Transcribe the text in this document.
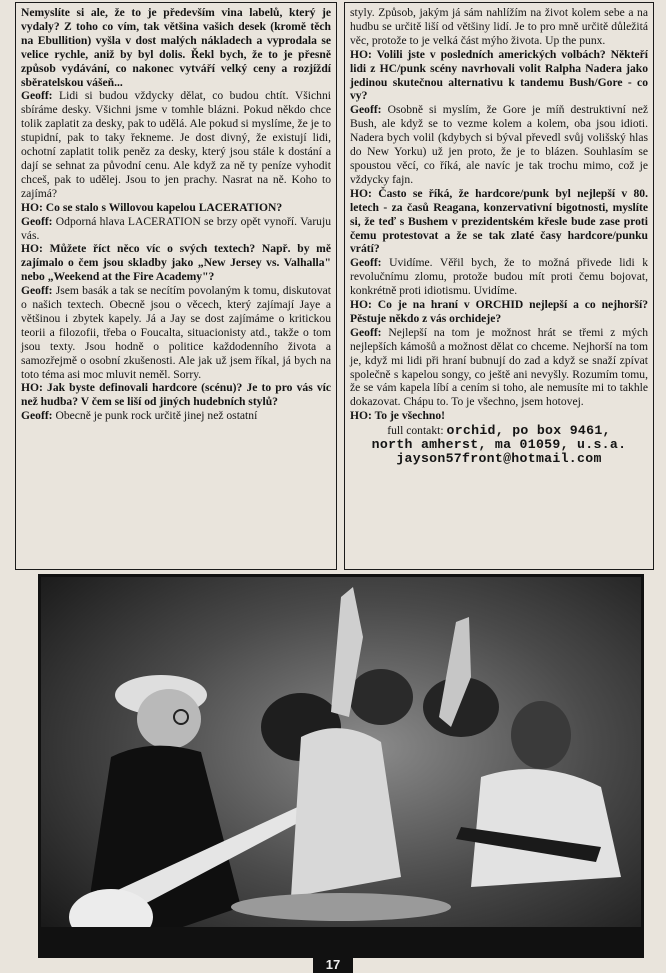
Nemyslíte si ale, že to je především vina labelů, který je vydaly? Z toho co vím, tak většina vašich desek (kromě těch na Ebullition) vyšla v dost malých nákladech a vyprodala se velice rychle, aniž by byl dolis. Řekl bych, že to je přesně způsob vydávání, co nakonec vytváří velký ceny a rozjíždí sběratelskou vášeň...

Geoff: Lidi si budou vždycky dělat, co budou chtít. Všichni sbíráme desky. Všichni jsme v tomhle blázni. Pokud někdo chce tolik zaplatit za desky, pak to udělá. Ale pokud si myslíme, že je to stupidní, pak to taky řekneme. Je dost divný, že existují lidi, ochotní zaplatit tolik peněz za desky, který jsou stále k dostání a dají se sehnat za původní cenu. Ale když za ně ty peníze vyhodit chceš, pak to udělej. Jsou to jen prachy. Nasrat na ně. Koho to zajímá?

HO: Co se stalo s Willovou kapelou LACERATION?

Geoff: Odporná hlava LACERATION se brzy opět vynoří. Varuju vás.

HO: Můžete říct něco víc o svých textech? Např. by mě zajímalo o čem jsou skladby jako „New Jersey vs. Valhalla" nebo „Weekend at the Fire Academy"?

Geoff: Jsem basák a tak se necítím povolaným k tomu, diskutovat o našich textech. Obecně jsou o věcech, který zajímají Jaye a většinou i zbytek kapely. Já a Jay se dost zajímáme o kritickou teorii a filozofii, třeba o Foucalta, situacionisty atd., takže o tom jsou texty. Jsou hodně o politice každodenního života a samozřejmě o osobní zkušenosti. Ale jak už jsem říkal, já bych na toto téma asi moc mluvit neměl. Sorry.

HO: Jak byste definovali hardcore (scénu)? Je to pro vás víc než hudba? V čem se liší od jiných hudebních stylů?

Geoff: Obecně je punk rock určitě jinej než ostatní

styly. Způsob, jakým já sám nahlížím na život kolem sebe a na hudbu se určitě liší od většiny lidí. Je to pro mně určitě důležitá věc, protože to je velká část mýho života. Up the punx.

HO: Volili jste v posledních amerických volbách? Někteří lidi z HC/punk scény navrhovali volit Ralpha Nadera jako jedinou skutečnou alternativu k tandemu Bush/Gore - co vy?

Geoff: Osobně si myslím, že Gore je míň destruktivní než Bush, ale když se to vezme kolem a kolem, oba jsou idioti. Nadera bych volil (kdybych si býval převedl svůj volišský hlas do New Yorku) už jen proto, že je to blázen. Souhlasím se spoustou věcí, co říká, ale navíc je tak trochu mimo, což je vždycky fajn.

HO: Často se říká, že hardcore/punk byl nejlepší v 80. letech - za časů Reagana, konzervativní bigotnosti, myslíte si, že teď s Bushem v prezidentském křesle bude zase proti čemu protestovat a že se tak zlaté časy hardcore/punku vrátí?

Geoff: Uvidíme. Věřil bych, že to možná přivede lidi k revolučnímu zlomu, protože budou mít proti čemu bojovat, konkrétně proti idiotismu. Uvidíme.

HO: Co je na hraní v ORCHID nejlepší a co nejhorší? Pěstuje někdo z vás orchideje?

Geoff: Nejlepší na tom je možnost hrát se třemi z mých nejlepších kámošů a možnost dělat co chceme. Nejhorší na tom je, když mi lidi při hraní bubnují do zad a když se snaží zpívat společně s kapelou songy, co ještě ani nevyšly. Rozumím tomu, že se vám kapela líbí a cením si toho, ale nemusíte mi to takhle dokazovat. Chápu to. To je všechno, jsem hotovej.

HO: To je všechno!

full contakt: orchid, po box 9461,
north amherst, ma 01059, u.s.a.
jayson57front@hotmail.com
17
